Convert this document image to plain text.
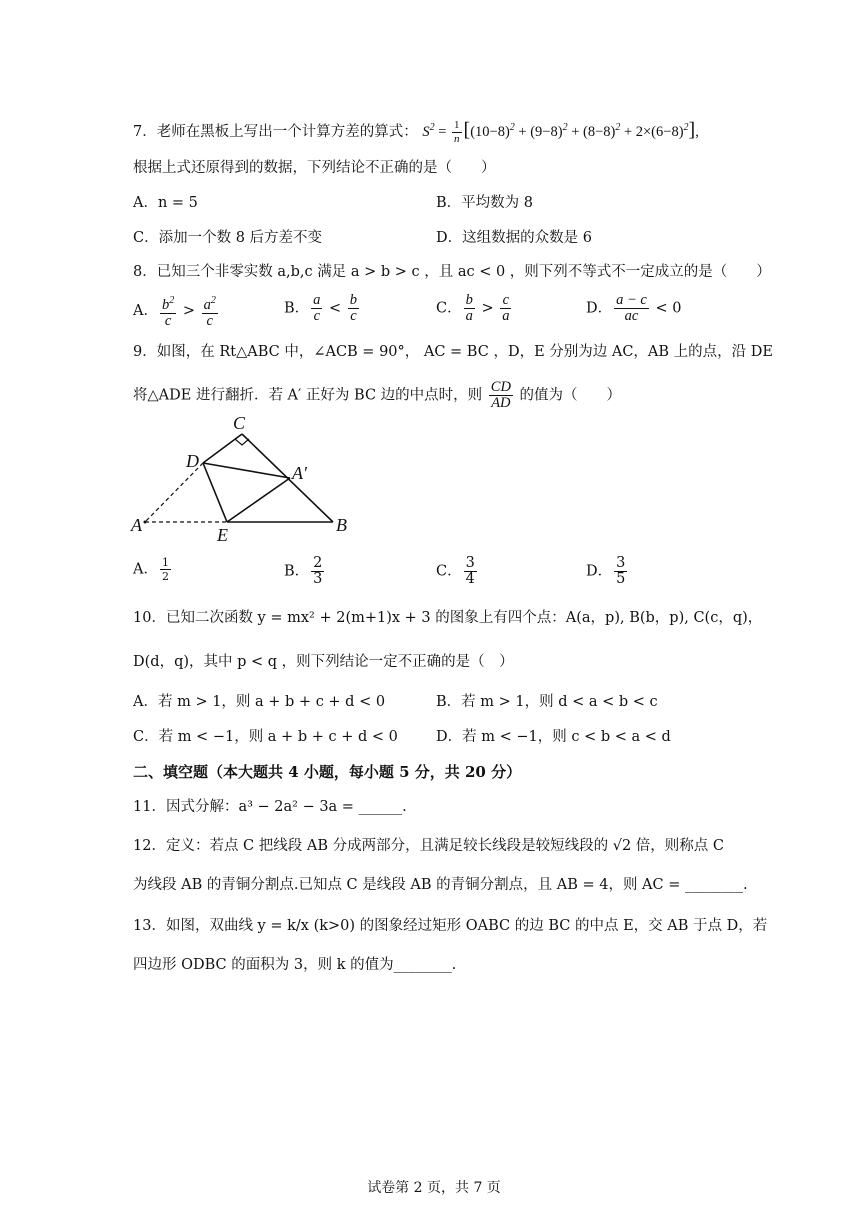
7．老师在黑板上写出一个计算方差的算式： $S^2 = \frac{1}{n} [(10-8)^2 + (9-8)^2 + (8-8)^2 + 2\times(6-8)^2]$,
根据上式还原得到的数据，下列结论不正确的是（　　）
A．n = 5	B．平均数为 8
C．添加一个数 8 后方差不变	D．这组数据的众数是 6
8．已知三个非零实数 a,b,c 满足 a > b > c ，且 ac < 0 ，则下列不等式不一定成立的是（　　）
A． $\frac{b^2}{c} > \frac{a^2}{c}$	B． $\frac{a}{c} < \frac{b}{c}$	C． $\frac{b}{a} > \frac{c}{a}$	D． $\frac{a - c}{ac} < 0$
9．如图，在 Rt△ABC 中，∠ACB = 90°， AC = BC ，D，E 分别为边 AC，AB 上的点，沿 DE
将△ADE 进行翻折．若 A′ 正好为 BC 边的中点时，则 $\frac{CD}{AD}$ 的值为（　　）
C
D
A′
A	E	B
A． $\frac{1}{2}$	B． $\frac{2}{3}$	C． $\frac{3}{4}$	D． $\frac{3}{5}$
10．已知二次函数 y = mx² + 2(m+1)x + 3 的图象上有四个点：A(a，p), B(b，p), C(c，q)，
D(d，q)，其中 p < q ，则下列结论一定不正确的是（　）
A．若 m > 1，则 a + b + c + d < 0	B．若 m > 1，则 d < a < b < c
C．若 m < −1，则 a + b + c + d < 0	D．若 m < −1，则 c < b < a < d
二、填空题（本大题共 4 小题，每小题 5 分，共 20 分）
11．因式分解：a³ − 2a² − 3a = ______.
12．定义：若点 C 把线段 AB 分成两部分，且满足较长线段是较短线段的 √2 倍，则称点 C
为线段 AB 的青铜分割点.已知点 C 是线段 AB 的青铜分割点，且 AB = 4，则 AC = ________.
13．如图，双曲线 y = k/x (k>0) 的图象经过矩形 OABC 的边 BC 的中点 E，交 AB 于点 D，若
四边形 ODBC 的面积为 3，则 k 的值为________.
试卷第 2 页，共 7 页
